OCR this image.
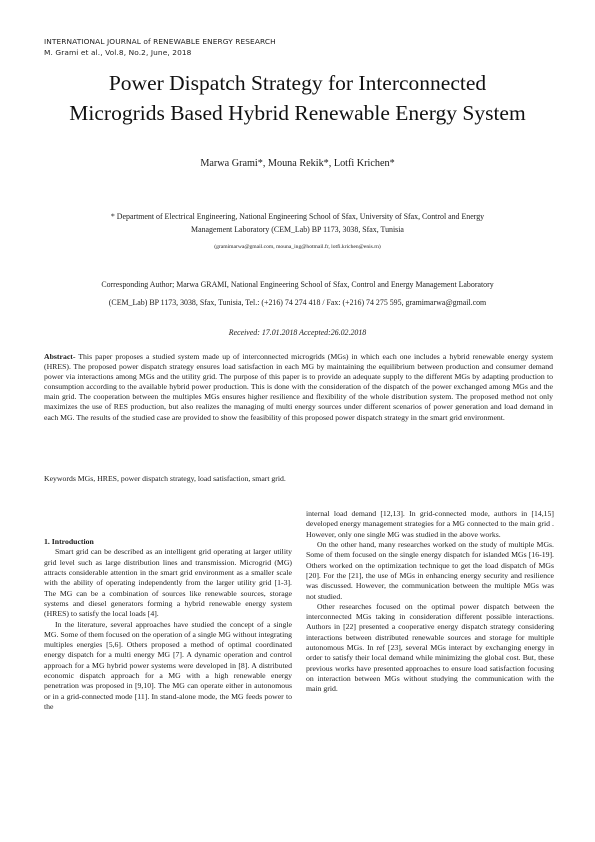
INTERNATIONAL JOURNAL of RENEWABLE ENERGY RESEARCH
M. Grami et al., Vol.8, No.2, June, 2018
Power Dispatch Strategy for Interconnected
Microgrids Based Hybrid Renewable Energy System
Marwa Grami*, Mouna Rekik*, Lotfi Krichen*
* Department of Electrical Engineering, National Engineering School of Sfax, University of Sfax, Control and Energy
Management Laboratory (CEM_Lab) BP 1173, 3038, Sfax, Tunisia
(gramimarwa@gmail.com, mouna_ing@hotmail.fr, lotfi.krichen@enis.rn)
Corresponding Author; Marwa GRAMI, National Engineering School of Sfax, Control and Energy Management Laboratory
(CEM_Lab) BP 1173, 3038, Sfax, Tunisia, Tel.: (+216) 74 274 418 / Fax: (+216) 74 275 595, gramimarwa@gmail.com
Received: 17.01.2018 Accepted:26.02.2018
Abstract- This paper proposes a studied system made up of interconnected microgrids (MGs) in which each one includes a hybrid renewable energy system (HRES). The proposed power dispatch strategy ensures load satisfaction in each MG by maintaining the equilibrium between production and consumer demand power via interactions among MGs and the utility grid. The purpose of this paper is to provide an adequate supply to the different MGs by adapting production to consumption according to the available hybrid power production. This is done with the consideration of the dispatch of the power exchanged among MGs and the main grid. The cooperation between the multiples MGs ensures higher resilience and flexibility of the whole distribution system. The proposed method not only maximizes the use of RES production, but also realizes the managing of multi energy sources under different scenarios of power generation and load demand in each MG. The results of the studied case are provided to show the feasibility of this proposed power dispatch strategy in the smart grid environment.
Keywords MGs, HRES, power dispatch strategy, load satisfaction, smart grid.

1. Introduction

Smart grid can be described as an intelligent grid operating at larger utility grid level such as large distribution lines and transmission. Microgrid (MG) attracts considerable attention in the smart grid environment as a smaller scale with the ability of operating independently from the larger utility grid [1-3]. The MG can be a combination of sources like renewable sources, storage systems and diesel generators forming a hybrid renewable energy system (HRES) to satisfy the local loads [4].

In the literature, several approaches have studied the concept of a single MG. Some of them focused on the operation of a single MG without integrating multiples energies [5,6]. Others proposed a method of optimal coordinated energy dispatch for a multi energy MG [7]. A dynamic operation and control approach for a MG hybrid power systems were developed in [8]. A distributed economic dispatch approach for a MG with a high renewable energy penetration was proposed in [9,10]. The MG can operate either in autonomous or in a grid-connected mode [11]. In stand-alone mode, the MG feeds power to the

internal load demand [12,13]. In grid-connected mode, authors in [14,15] developed energy management strategies for a MG connected to the main grid . However, only one single MG was studied in the above works.

On the other hand, many researches worked on the study of multiple MGs. Some of them focused on the single energy dispatch for islanded MGs [16-19]. Others worked on the optimization technique to get the load dispatch of MGs [20]. For the [21], the use of MGs in enhancing energy security and resilience was discussed. However, the communication between the multiple MGs was not studied.

Other researches focused on the optimal power dispatch between the interconnected MGs taking in consideration different possible interactions. Authors in [22] presented a cooperative energy dispatch strategy considering interactions between distributed renewable sources and storage for multiple autonomous MGs. In ref [23], several MGs interact by exchanging energy in order to satisfy their local demand while minimizing the global cost. But, these previous works have presented approaches to ensure load satisfaction focusing on interaction between MGs without studying the communication with the main grid.
